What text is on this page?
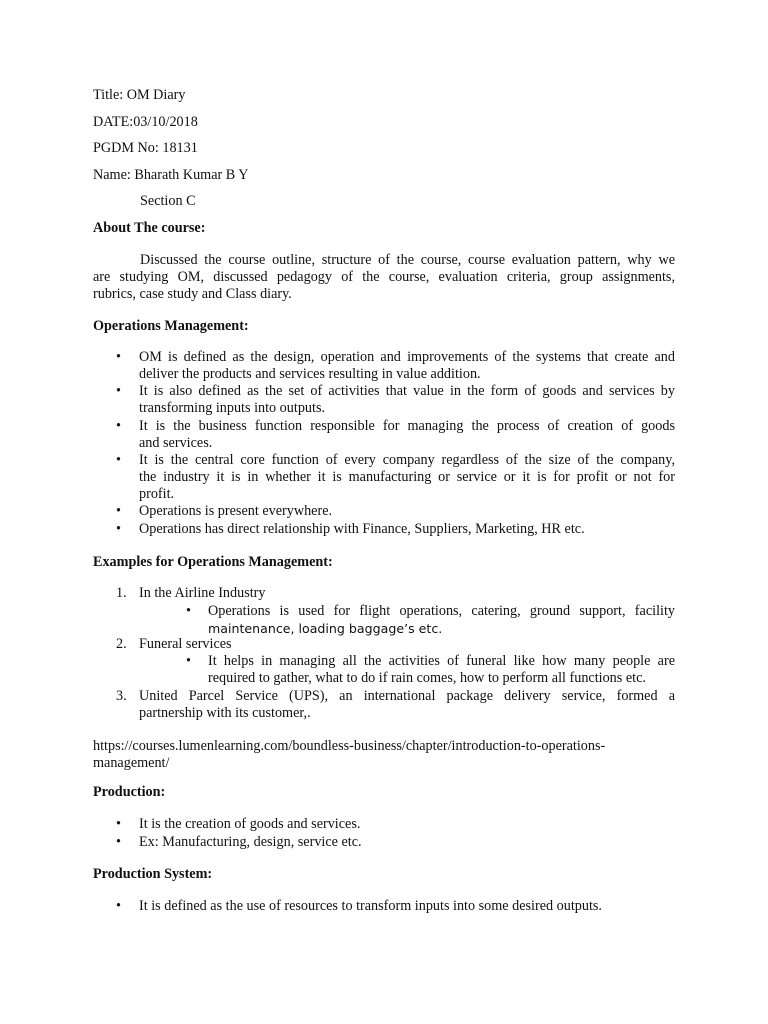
Title: OM Diary
DATE:03/10/2018
PGDM No: 18131
Name: Bharath Kumar B Y
Section C
About The course:
Discussed the course outline, structure of the course, course evaluation pattern, why we
are studying OM, discussed pedagogy of the course, evaluation criteria, group assignments,
rubrics, case study and Class diary.
Operations Management:
• OM is defined as the design, operation and improvements of the systems that create and
deliver the products and services resulting in value addition.
• It is also defined as the set of activities that value in the form of goods and services by
transforming inputs into outputs.
• It is the business function responsible for managing the process of creation of goods
and services.
• It is the central core function of every company regardless of the size of the company,
the industry it is in whether it is manufacturing or service or it is for profit or not for
profit.
• Operations is present everywhere.
• Operations has direct relationship with Finance, Suppliers, Marketing, HR etc.
Examples for Operations Management:
1. In the Airline Industry
• Operations is used for flight operations, catering, ground support, facility
maintenance, loading baggage’s etc.
2. Funeral services
• It helps in managing all the activities of funeral like how many people are
required to gather, what to do if rain comes, how to perform all functions etc.
3. United Parcel Service (UPS), an international package delivery service, formed a
partnership with its customer,.
https://courses.lumenlearning.com/boundless-business/chapter/introduction-to-operations-
management/
Production:
• It is the creation of goods and services.
• Ex: Manufacturing, design, service etc.
Production System:
• It is defined as the use of resources to transform inputs into some desired outputs.
